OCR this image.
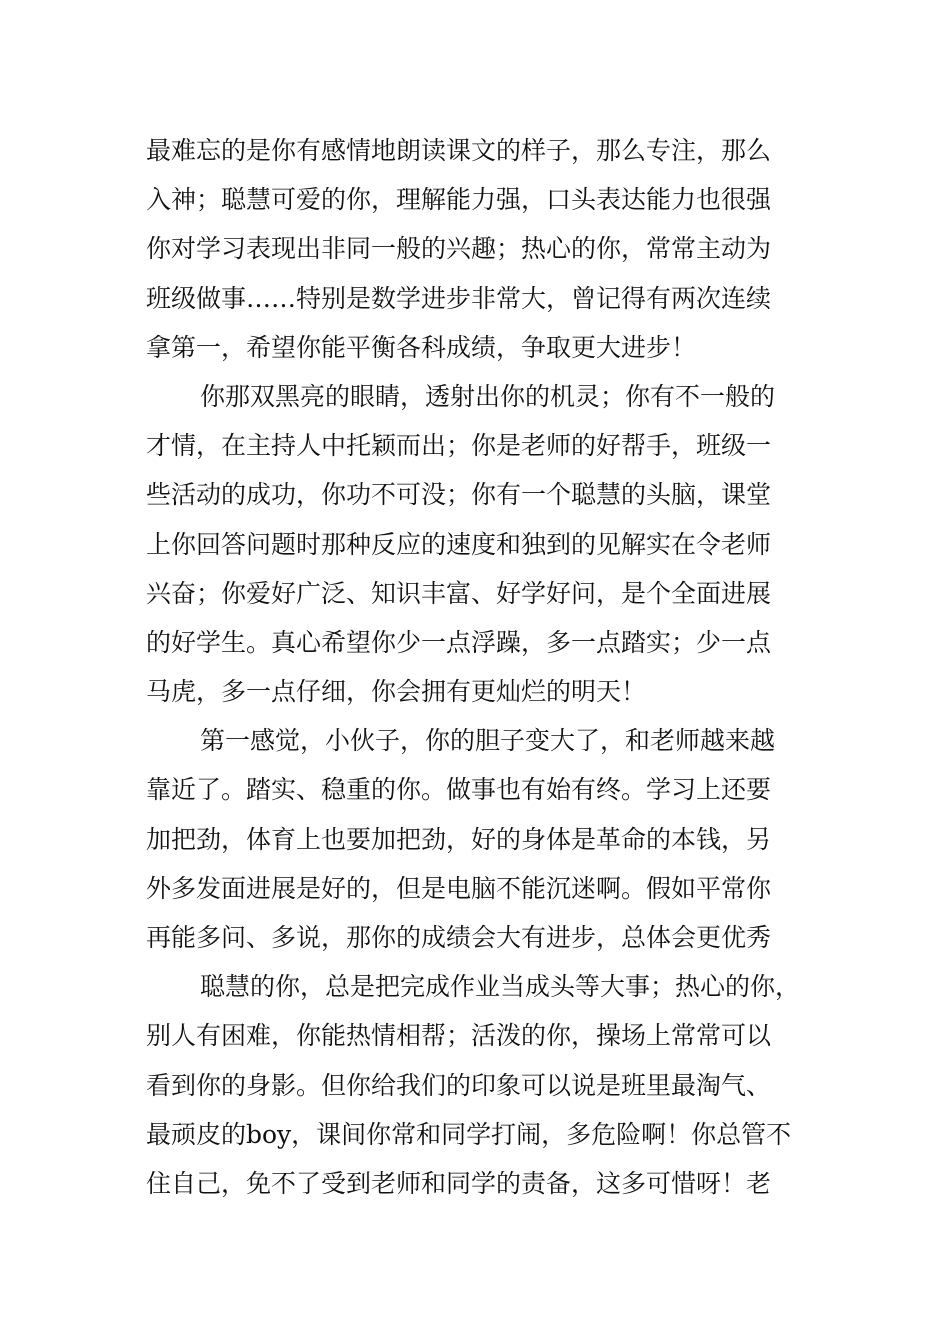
最难忘的是你有感情地朗读课文的样子，那么专注，那么
入神；聪慧可爱的你，理解能力强，口头表达能力也很强
你对学习表现出非同一般的兴趣；热心的你，常常主动为
班级做事……特别是数学进步非常大，曾记得有两次连续
拿第一，希望你能平衡各科成绩，争取更大进步！
你那双黑亮的眼睛，透射出你的机灵；你有不一般的
才情，在主持人中托颖而出；你是老师的好帮手，班级一
些活动的成功，你功不可没；你有一个聪慧的头脑，课堂
上你回答问题时那种反应的速度和独到的见解实在令老师
兴奋；你爱好广泛、知识丰富、好学好问，是个全面进展
的好学生。真心希望你少一点浮躁，多一点踏实；少一点
马虎，多一点仔细，你会拥有更灿烂的明天！
第一感觉，小伙子，你的胆子变大了，和老师越来越
靠近了。踏实、稳重的你。做事也有始有终。学习上还要
加把劲，体育上也要加把劲，好的身体是革命的本钱，另
外多发面进展是好的，但是电脑不能沉迷啊。假如平常你
再能多问、多说，那你的成绩会大有进步，总体会更优秀
聪慧的你，总是把完成作业当成头等大事；热心的你，
别人有困难，你能热情相帮；活泼的你，操场上常常可以
看到你的身影。但你给我们的印象可以说是班里最淘气、
最顽皮的boy，课间你常和同学打闹，多危险啊！你总管不
住自己，免不了受到老师和同学的责备，这多可惜呀！老
